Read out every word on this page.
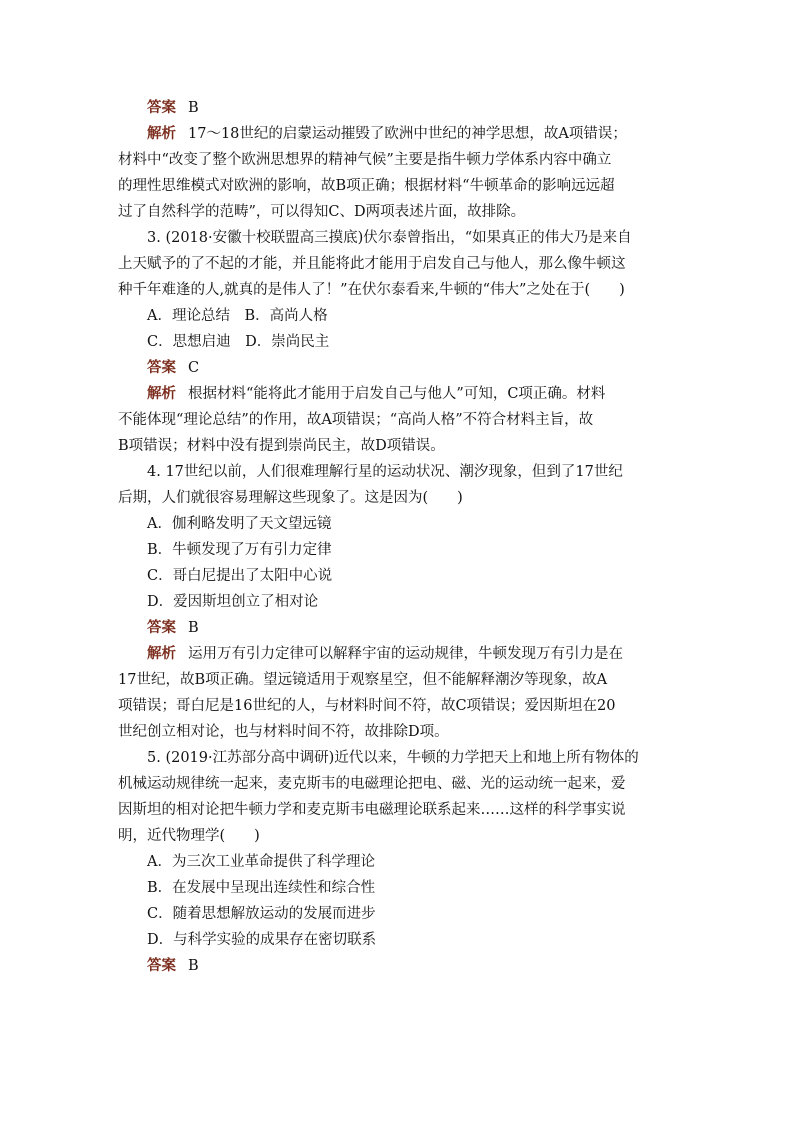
答案 B
解析 17～18世纪的启蒙运动摧毁了欧洲中世纪的神学思想，故A项错误；
材料中“改变了整个欧洲思想界的精神气候”主要是指牛顿力学体系内容中确立
的理性思维模式对欧洲的影响，故B项正确；根据材料“牛顿革命的影响远远超
过了自然科学的范畴”，可以得知C、D两项表述片面，故排除。
3. (2018·安徽十校联盟高三摸底)伏尔泰曾指出，“如果真正的伟大乃是来自
上天赋予的了不起的才能，并且能将此才能用于启发自己与他人，那么像牛顿这
种千年难逢的人,就真的是伟人了！”在伏尔泰看来,牛顿的“伟大”之处在于(　　)
A．理论总结　B．高尚人格
C．思想启迪　D．崇尚民主
答案 C
解析 根据材料“能将此才能用于启发自己与他人”可知，C项正确。材料
不能体现“理论总结”的作用，故A项错误；“高尚人格”不符合材料主旨，故
B项错误；材料中没有提到崇尚民主，故D项错误。
4. 17世纪以前，人们很难理解行星的运动状况、潮汐现象，但到了17世纪
后期，人们就很容易理解这些现象了。这是因为(　　)
A．伽利略发明了天文望远镜
B．牛顿发现了万有引力定律
C．哥白尼提出了太阳中心说
D．爱因斯坦创立了相对论
答案 B
解析 运用万有引力定律可以解释宇宙的运动规律，牛顿发现万有引力是在
17世纪，故B项正确。望远镜适用于观察星空，但不能解释潮汐等现象，故A
项错误；哥白尼是16世纪的人，与材料时间不符，故C项错误；爱因斯坦在20
世纪创立相对论，也与材料时间不符，故排除D项。
5. (2019·江苏部分高中调研)近代以来，牛顿的力学把天上和地上所有物体的
机械运动规律统一起来，麦克斯韦的电磁理论把电、磁、光的运动统一起来，爱
因斯坦的相对论把牛顿力学和麦克斯韦电磁理论联系起来……这样的科学事实说
明，近代物理学(　　)
A．为三次工业革命提供了科学理论
B．在发展中呈现出连续性和综合性
C．随着思想解放运动的发展而进步
D．与科学实验的成果存在密切联系
答案 B
